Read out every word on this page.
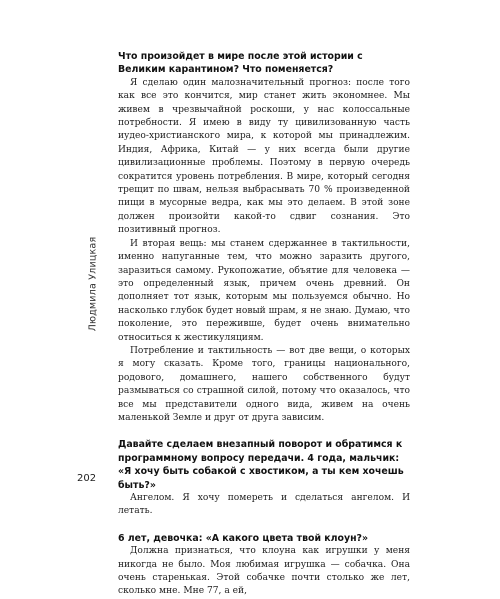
Людмила Улицкая
202

Что произойдет в мире после этой истории с Великим карантином? Что поменяется?

Я сделаю один малозначительный прогноз: после того как все это кончится, мир станет жить экономнее. Мы живем в чрезвычайной роскоши, у нас колоссальные потребности. Я имею в виду ту цивилизованную часть иудео-христианского мира, к которой мы принадлежим. Индия, Африка, Китай — у них всегда были другие цивилизационные проблемы. Поэтому в первую очередь сократится уровень потребления. В мире, который сегодня трещит по швам, нельзя выбрасывать 70 % произведенной пищи в мусорные ведра, как мы это делаем. В этой зоне должен произойти какой-то сдвиг сознания. Это позитивный прогноз.

И вторая вещь: мы станем сдержаннее в тактильности, именно напуганные тем, что можно заразить другого, заразиться самому. Рукопожатие, объятие для человека — это определенный язык, причем очень древний. Он дополняет тот язык, которым мы пользуемся обычно. Но насколько глубок будет новый шрам, я не знаю. Думаю, что поколение, это переживше, будет очень внимательно относиться к жестикуляциям.

Потребление и тактильность — вот две вещи, о которых я могу сказать. Кроме того, границы национального, родового, домашнего, нашего собственного будут размываться со страшной силой, потому что оказалось, что все мы представители одного вида, живем на очень маленькой Земле и друг от друга зависим.

Давайте сделаем внезапный поворот и обратимся к программному вопросу передачи. 4 года, мальчик: «Я хочу быть собакой с хвостиком, а ты кем хочешь быть?»

Ангелом. Я хочу помереть и сделаться ангелом. И летать.

6 лет, девочка: «А какого цвета твой клоун?»

Должна признаться, что клоуна как игрушки у меня никогда не было. Моя любимая игрушка — собачка. Она очень старенькая. Этой собачке почти столько же лет, сколько мне. Мне 77, а ей,
